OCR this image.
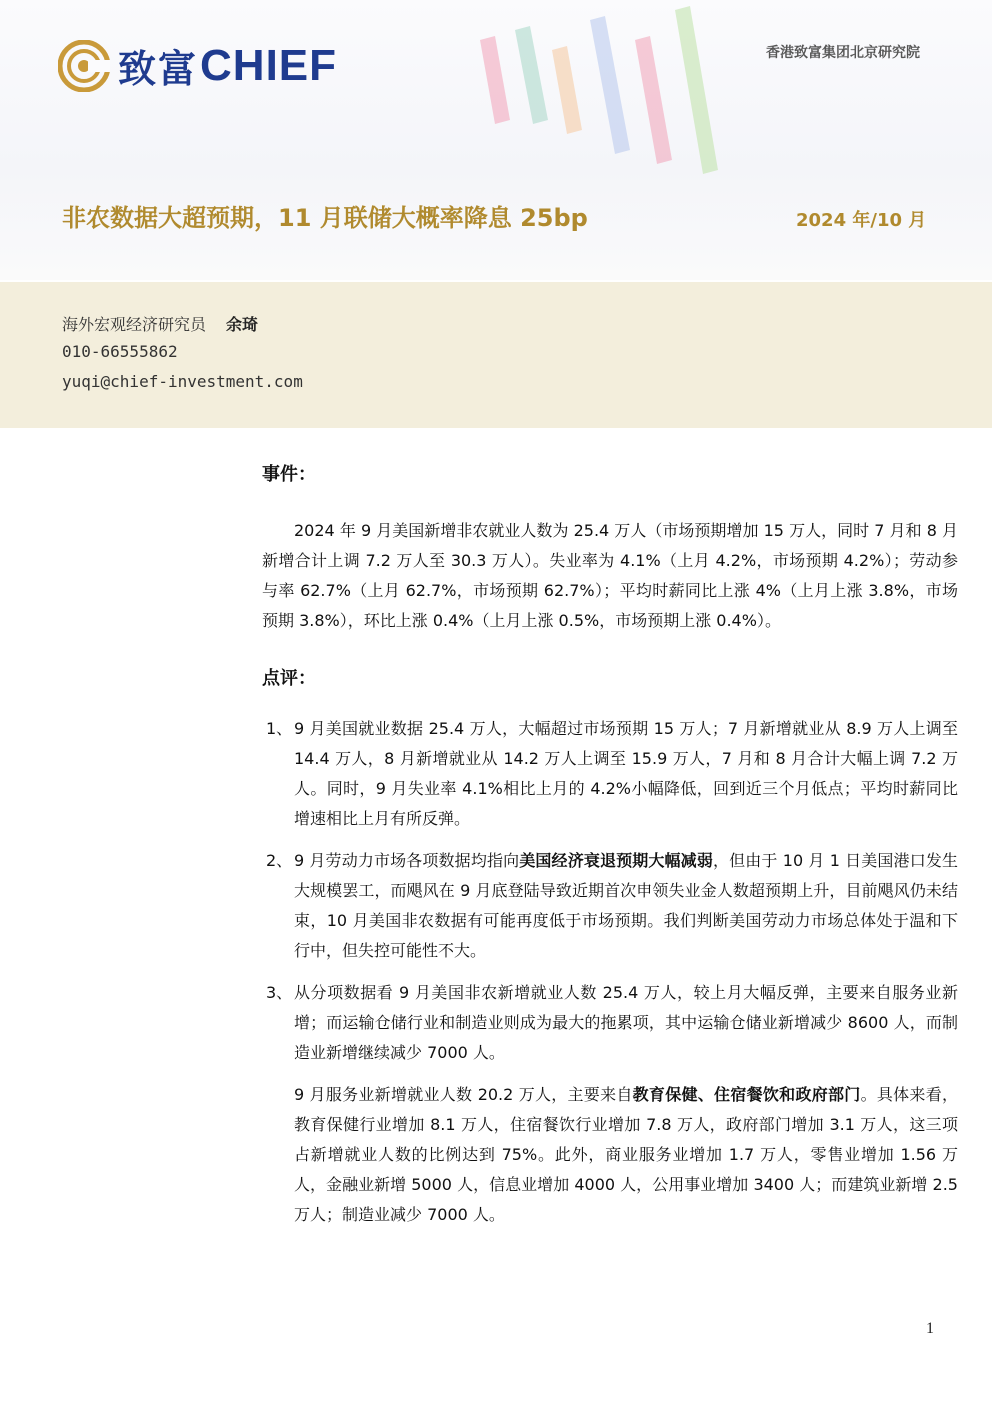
致富 CHIEF	香港致富集团北京研究院
非农数据大超预期，11 月联储大概率降息 25bp	2024 年/10 月
海外宏观经济研究员 余琦
010-66555862
yuqi@chief-investment.com

事件：

2024 年 9 月美国新增非农就业人数为 25.4 万人（市场预期增加 15 万人，同时 7 月和 8 月新增合计上调 7.2 万人至 30.3 万人）。失业率为 4.1%（上月 4.2%，市场预期 4.2%）；劳动参与率 62.7%（上月 62.7%，市场预期 62.7%）；平均时薪同比上涨 4%（上月上涨 3.8%，市场预期 3.8%），环比上涨 0.4%（上月上涨 0.5%，市场预期上涨 0.4%）。

点评：

1、 9 月美国就业数据 25.4 万人，大幅超过市场预期 15 万人；7 月新增就业从 8.9 万人上调至 14.4 万人，8 月新增就业从 14.2 万人上调至 15.9 万人，7 月和 8 月合计大幅上调 7.2 万人。同时，9 月失业率 4.1%相比上月的 4.2%小幅降低，回到近三个月低点；平均时薪同比增速相比上月有所反弹。

2、 9 月劳动力市场各项数据均指向美国经济衰退预期大幅减弱，但由于 10 月 1 日美国港口发生大规模罢工，而飓风在 9 月底登陆导致近期首次申领失业金人数超预期上升，目前飓风仍未结束，10 月美国非农数据有可能再度低于市场预期。我们判断美国劳动力市场总体处于温和下行中，但失控可能性不大。

3、 从分项数据看 9 月美国非农新增就业人数 25.4 万人，较上月大幅反弹，主要来自服务业新增；而运输仓储行业和制造业则成为最大的拖累项，其中运输仓储业新增减少 8600 人，而制造业新增继续减少 7000 人。

9 月服务业新增就业人数 20.2 万人，主要来自教育保健、住宿餐饮和政府部门。具体来看，教育保健行业增加 8.1 万人，住宿餐饮行业增加 7.8 万人，政府部门增加 3.1 万人，这三项占新增就业人数的比例达到 75%。此外，商业服务业增加 1.7 万人，零售业增加 1.56 万人，金融业新增 5000 人，信息业增加 4000 人，公用事业增加 3400 人；而建筑业新增 2.5 万人；制造业减少 7000 人。

1
